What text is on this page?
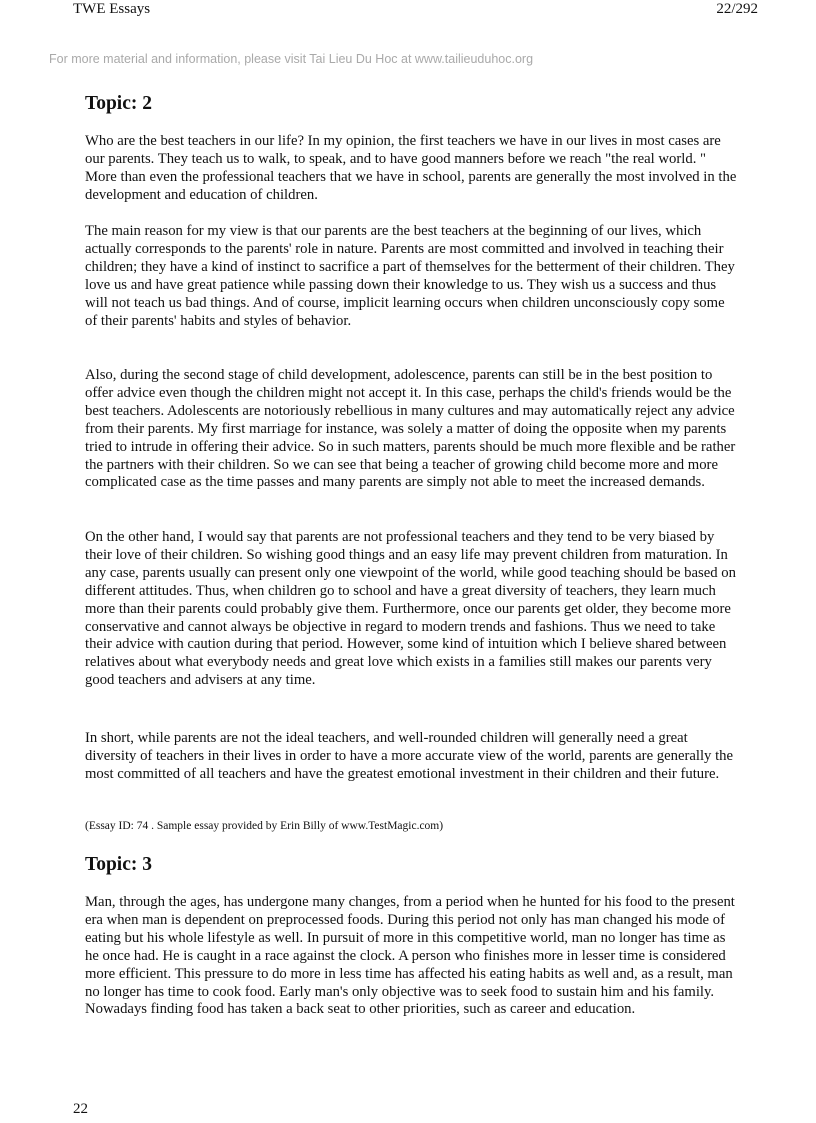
TWE Essays	22/292
For more material and information, please visit Tai Lieu Du Hoc at www.tailieuduhoc.org
Topic: 2

Who are the best teachers in our life? In my opinion, the first teachers we have in our lives in most cases are our parents. They teach us to walk, to speak, and to have good manners before we reach "the real world. " More than even the professional teachers that we have in school, parents are generally the most involved in the development and education of children.

The main reason for my view is that our parents are the best teachers at the beginning of our lives, which actually corresponds to the parents' role in nature. Parents are most committed and involved in teaching their children; they have a kind of instinct to sacrifice a part of themselves for the betterment of their children. They love us and have great patience while passing down their knowledge to us. They wish us a success and thus will not teach us bad things. And of course, implicit learning occurs when children unconsciously copy some of their parents' habits and styles of behavior.

Also, during the second stage of child development, adolescence, parents can still be in the best position to offer advice even though the children might not accept it. In this case, perhaps the child's friends would be the best teachers. Adolescents are notoriously rebellious in many cultures and may automatically reject any advice from their parents. My first marriage for instance, was solely a matter of doing the opposite when my parents tried to intrude in offering their advice. So in such matters, parents should be much more flexible and be rather the partners with their children. So we can see that being a teacher of growing child become more and more complicated case as the time passes and many parents are simply not able to meet the increased demands.

On the other hand, I would say that parents are not professional teachers and they tend to be very biased by their love of their children. So wishing good things and an easy life may prevent children from maturation. In any case, parents usually can present only one viewpoint of the world, while good teaching should be based on different attitudes. Thus, when children go to school and have a great diversity of teachers, they learn much more than their parents could probably give them. Furthermore, once our parents get older, they become more conservative and cannot always be objective in regard to modern trends and fashions. Thus we need to take their advice with caution during that period. However, some kind of intuition which I believe shared between relatives about what everybody needs and great love which exists in a families still makes our parents very good teachers and advisers at any time.

In short, while parents are not the ideal teachers, and well-rounded children will generally need a great diversity of teachers in their lives in order to have a more accurate view of the world, parents are generally the most committed of all teachers and have the greatest emotional investment in their children and their future.

(Essay ID: 74 . Sample essay provided by Erin Billy of www.TestMagic.com)

Topic: 3

Man, through the ages, has undergone many changes, from a period when he hunted for his food to the present era when man is dependent on preprocessed foods. During this period not only has man changed his mode of eating but his whole lifestyle as well. In pursuit of more in this competitive world, man no longer has time as he once had. He is caught in a race against the clock. A person who finishes more in lesser time is considered more efficient. This pressure to do more in less time has affected his eating habits as well and, as a result, man no longer has time to cook food. Early man's only objective was to seek food to sustain him and his family. Nowadays finding food has taken a back seat to other priorities, such as career and education.

22
